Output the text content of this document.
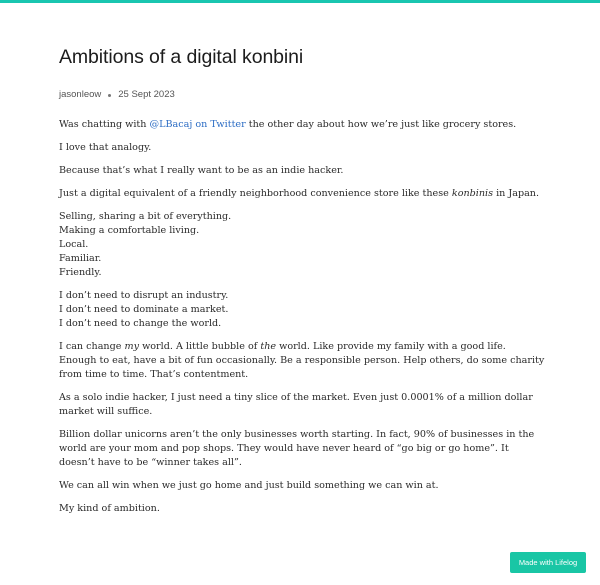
Ambitions of a digital konbini
jasonleow 25 Sept 2023

Was chatting with @LBacaj on Twitter the other day about how we’re just like grocery stores.

I love that analogy.

Because that’s what I really want to be as an indie hacker.

Just a digital equivalent of a friendly neighborhood convenience store like these konbinis in Japan.

Selling, sharing a bit of everything.
Making a comfortable living.
Local.
Familiar.
Friendly.

I don’t need to disrupt an industry.
I don’t need to dominate a market.
I don’t need to change the world.

I can change my world. A little bubble of the world. Like provide my family with a good life. Enough to eat, have a bit of fun occasionally. Be a responsible person. Help others, do some charity from time to time. That’s contentment.

As a solo indie hacker, I just need a tiny slice of the market. Even just 0.0001% of a million dollar market will suffice.

Billion dollar unicorns aren’t the only businesses worth starting. In fact, 90% of businesses in the world are your mom and pop shops. They would have never heard of “go big or go home”. It doesn’t have to be “winner takes all”.

We can all win when we just go home and just build something we can win at.

My kind of ambition.

Made with Lifelog
